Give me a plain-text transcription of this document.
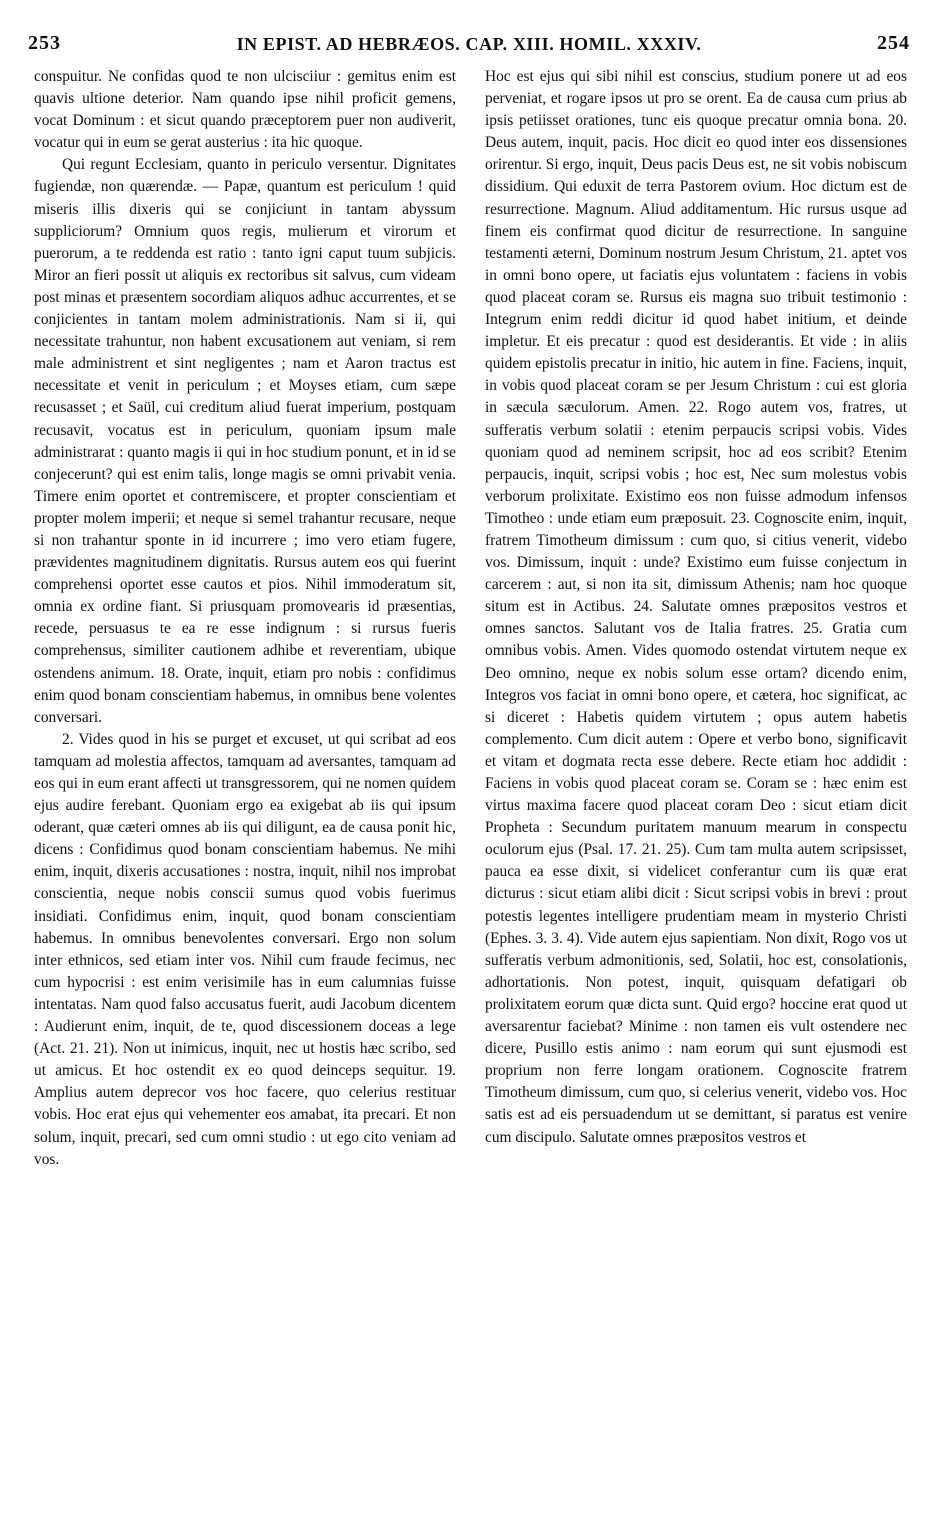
253	IN EPIST. AD HEBRÆOS. CAP. XIII. HOMIL. XXXIV.	254

conspuitur. Ne confidas quod te non ulcisciiur : gemitus enim est quavis ultione deterior. Nam quando ipse nihil proficit gemens, vocat Dominum : et sicut quando præceptorem puer non audiverit, vocatur qui in eum se gerat austerius : ita hic quoque.

Qui regunt Ecclesiam, quanto in periculo versentur. Dignitates fugiendæ, non quærendæ. — Papæ, quantum est periculum ! quid miseris illis dixeris qui se conjiciunt in tantam abyssum suppliciorum? Omnium quos regis, mulierum et virorum et puerorum, a te reddenda est ratio : tanto igni caput tuum subjicis. Miror an fieri possit ut aliquis ex rectoribus sit salvus, cum videam post minas et præsentem socordiam aliquos adhuc accurrentes, et se conjicientes in tantam molem administrationis. Nam si ii, qui necessitate trahuntur, non habent excusationem aut veniam, si rem male administrent et sint negligentes ; nam et Aaron tractus est necessitate et venit in periculum ; et Moyses etiam, cum sæpe recusasset ; et Saül, cui creditum aliud fuerat imperium, postquam recusavit, vocatus est in periculum, quoniam ipsum male administrarat : quanto magis ii qui in hoc studium ponunt, et in id se conjecerunt? qui est enim talis, longe magis se omni privabit venia. Timere enim oportet et contremiscere, et propter conscientiam et propter molem imperii; et neque si semel trahantur recusare, neque si non trahantur sponte in id incurrere ; imo vero etiam fugere, prævidentes magnitudinem dignitatis. Rursus autem eos qui fuerint comprehensi oportet esse cautos et pios. Nihil immoderatum sit, omnia ex ordine fiant. Si priusquam promovearis id præsentias, recede, persuasus te ea re esse indignum : si rursus fueris comprehensus, similiter cautionem adhibe et reverentiam, ubique ostendens animum. 18. Orate, inquit, etiam pro nobis : confidimus enim quod bonam conscientiam habemus, in omnibus bene volentes conversari.

2. Vides quod in his se purget et excuset, ut qui scribat ad eos tamquam ad molestia affectos, tamquam ad aversantes, tamquam ad eos qui in eum erant affecti ut transgressorem, qui ne nomen quidem ejus audire ferebant. Quoniam ergo ea exigebat ab iis qui ipsum oderant, quæ cæteri omnes ab iis qui diligunt, ea de causa ponit hic, dicens : Confidimus quod bonam conscientiam habemus. Ne mihi enim, inquit, dixeris accusationes : nostra, inquit, nihil nos improbat conscientia, neque nobis conscii sumus quod vobis fuerimus insidiati. Confidimus enim, inquit, quod bonam conscientiam habemus. In omnibus benevolentes conversari. Ergo non solum inter ethnicos, sed etiam inter vos. Nihil cum fraude fecimus, nec cum hypocrisi : est enim verisimile has in eum calumnias fuisse intentatas. Nam quod falso accusatus fuerit, audi Jacobum dicentem : Audierunt enim, inquit, de te, quod discessionem doceas a lege (Act. 21. 21). Non ut inimicus, inquit, nec ut hostis hæc scribo, sed ut amicus. Et hoc ostendit ex eo quod deinceps sequitur. 19. Amplius autem deprecor vos hoc facere, quo celerius restituar vobis. Hoc erat ejus qui vehementer eos amabat, ita precari. Et non solum, inquit, precari, sed cum omni studio : ut ego cito veniam ad vos.

Hoc est ejus qui sibi nihil est conscius, studium ponere ut ad eos perveniat, et rogare ipsos ut pro se orent. Ea de causa cum prius ab ipsis petiisset orationes, tunc eis quoque precatur omnia bona. 20. Deus autem, inquit, pacis. Hoc dicit eo quod inter eos dissensiones orirentur. Si ergo, inquit, Deus pacis Deus est, ne sit vobis nobiscum dissidium. Qui eduxit de terra Pastorem ovium. Hoc dictum est de resurrectione. Magnum. Aliud additamentum. Hic rursus usque ad finem eis confirmat quod dicitur de resurrectione. In sanguine testamenti æterni, Dominum nostrum Jesum Christum, 21. aptet vos in omni bono opere, ut faciatis ejus voluntatem : faciens in vobis quod placeat coram se. Rursus eis magna suo tribuit testimonio : Integrum enim reddi dicitur id quod habet initium, et deinde impletur. Et eis precatur : quod est desiderantis. Et vide : in aliis quidem epistolis precatur in initio, hic autem in fine. Faciens, inquit, in vobis quod placeat coram se per Jesum Christum : cui est gloria in sæcula sæculorum. Amen. 22. Rogo autem vos, fratres, ut sufferatis verbum solatii : etenim perpaucis scripsi vobis. Vides quoniam quod ad neminem scripsit, hoc ad eos scribit? Etenim perpaucis, inquit, scripsi vobis ; hoc est, Nec sum molestus vobis verborum prolixitate. Existimo eos non fuisse admodum infensos Timotheo : unde etiam eum præposuit. 23. Cognoscite enim, inquit, fratrem Timotheum dimissum : cum quo, si citius venerit, videbo vos. Dimissum, inquit : unde? Existimo eum fuisse conjectum in carcerem : aut, si non ita sit, dimissum Athenis; nam hoc quoque situm est in Actibus. 24. Salutate omnes præpositos vestros et omnes sanctos. Salutant vos de Italia fratres. 25. Gratia cum omnibus vobis. Amen. Vides quomodo ostendat virtutem neque ex Deo omnino, neque ex nobis solum esse ortam? dicendo enim, Integros vos faciat in omni bono opere, et cætera, hoc significat, ac si diceret : Habetis quidem virtutem ; opus autem habetis complemento. Cum dicit autem : Opere et verbo bono, significavit et vitam et dogmata recta esse debere. Recte etiam hoc addidit : Faciens in vobis quod placeat coram se. Coram se : hæc enim est virtus maxima facere quod placeat coram Deo : sicut etiam dicit Propheta : Secundum puritatem manuum mearum in conspectu oculorum ejus (Psal. 17. 21. 25). Cum tam multa autem scripsisset, pauca ea esse dixit, si videlicet conferantur cum iis quæ erat dicturus : sicut etiam alibi dicit : Sicut scripsi vobis in brevi : prout potestis legentes intelligere prudentiam meam in mysterio Christi (Ephes. 3. 3. 4). Vide autem ejus sapientiam. Non dixit, Rogo vos ut sufferatis verbum admonitionis, sed, Solatii, hoc est, consolationis, adhortationis. Non potest, inquit, quisquam defatigari ob prolixitatem eorum quæ dicta sunt. Quid ergo? hoccine erat quod ut aversarentur faciebat? Minime : non tamen eis vult ostendere nec dicere, Pusillo estis animo : nam eorum qui sunt ejusmodi est proprium non ferre longam orationem. Cognoscite fratrem Timotheum dimissum, cum quo, si celerius venerit, videbo vos. Hoc satis est ad eis persuadendum ut se demittant, si paratus est venire cum discipulo. Salutate omnes præpositos vestros et
